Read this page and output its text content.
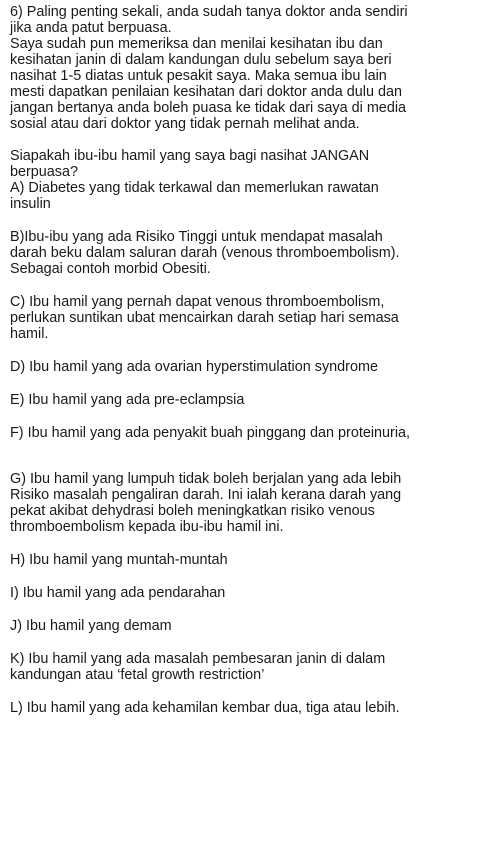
6) Paling penting sekali, anda sudah tanya doktor anda sendiri
jika anda patut berpuasa.
Saya sudah pun memeriksa dan menilai kesihatan ibu dan
kesihatan janin di dalam kandungan dulu sebelum saya beri
nasihat 1-5 diatas untuk pesakit saya. Maka semua ibu lain
mesti dapatkan penilaian kesihatan dari doktor anda dulu dan
jangan bertanya anda boleh puasa ke tidak dari saya di media
sosial atau dari doktor yang tidak pernah melihat anda.

Siapakah ibu-ibu hamil yang saya bagi nasihat JANGAN
berpuasa?
A) Diabetes yang tidak terkawal dan memerlukan rawatan
insulin

B)Ibu-ibu yang ada Risiko Tinggi untuk mendapat masalah
darah beku dalam saluran darah (venous thromboembolism).
Sebagai contoh morbid Obesiti.

C) Ibu hamil yang pernah dapat venous thromboembolism,
perlukan suntikan ubat mencairkan darah setiap hari semasa
hamil.

D) Ibu hamil yang ada ovarian hyperstimulation syndrome

E) Ibu hamil yang ada pre-eclampsia

F) Ibu hamil yang ada penyakit buah pinggang dan proteinuria,

G) Ibu hamil yang lumpuh tidak boleh berjalan yang ada lebih
Risiko masalah pengaliran darah. Ini ialah kerana darah yang
pekat akibat dehydrasi boleh meningkatkan risiko venous
thromboembolism kepada ibu-ibu hamil ini.

H) Ibu hamil yang muntah-muntah

I) Ibu hamil yang ada pendarahan

J) Ibu hamil yang demam

K) Ibu hamil yang ada masalah pembesaran janin di dalam
kandungan atau ‘fetal growth restriction’

L) Ibu hamil yang ada kehamilan kembar dua, tiga atau lebih.
